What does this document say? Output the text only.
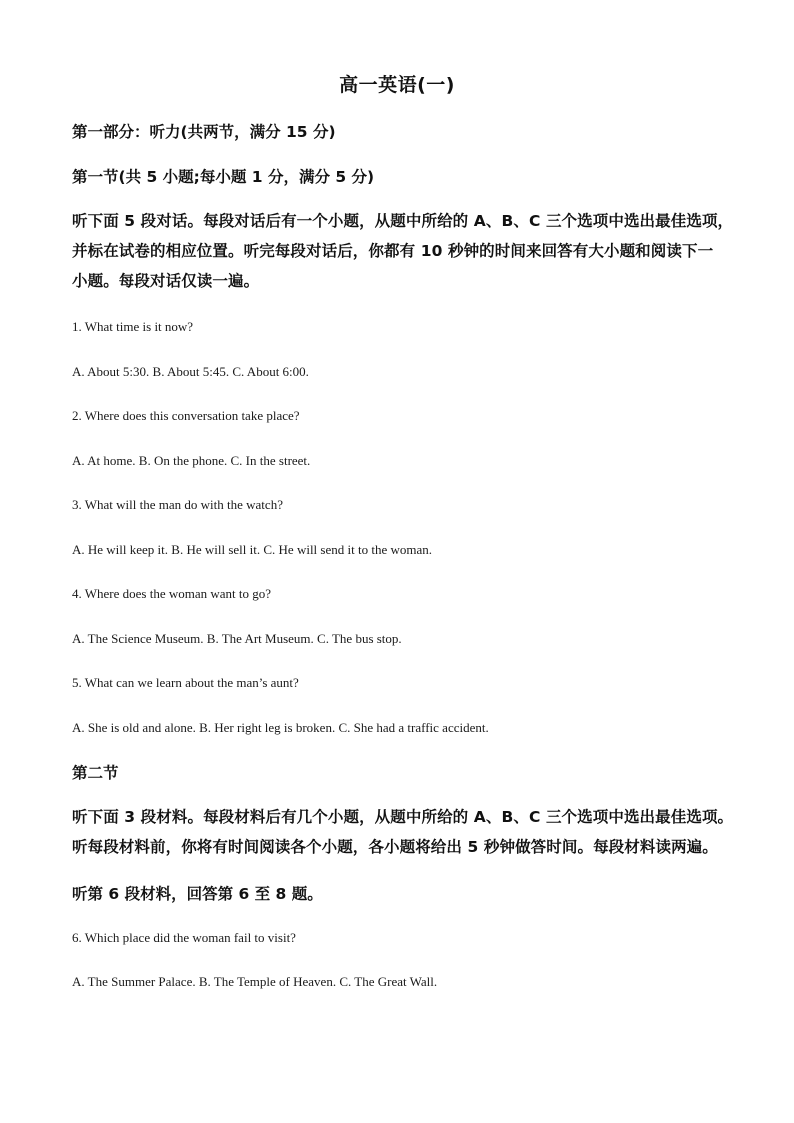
高一英语(一)
第一部分：听力(共两节，满分 15 分)
第一节(共 5 小题;每小题 1 分，满分 5 分)
听下面 5 段对话。每段对话后有一个小题，从题中所给的 A、B、C 三个选项中选出最佳选项，
并标在试卷的相应位置。听完每段对话后，你都有 10 秒钟的时间来回答有大小题和阅读下一
小题。每段对话仅读一遍。
1. What time is it now?
A. About 5:30. B. About 5:45. C. About 6:00.
2. Where does this conversation take place?
A. At home. B. On the phone. C. In the street.
3. What will the man do with the watch?
A. He will keep it. B. He will sell it. C. He will send it to the woman.
4. Where does the woman want to go?
A. The Science Museum. B. The Art Museum. C. The bus stop.
5. What can we learn about the man’s aunt?
A. She is old and alone. B. Her right leg is broken. C. She had a traffic accident.
第二节
听下面 3 段材料。每段材料后有几个小题，从题中所给的 A、B、C 三个选项中选出最佳选项。
听每段材料前，你将有时间阅读各个小题，各小题将给出 5 秒钟做答时间。每段材料读两遍。
听第 6 段材料，回答第 6 至 8 题。
6. Which place did the woman fail to visit?
A. The Summer Palace. B. The Temple of Heaven. C. The Great Wall.
